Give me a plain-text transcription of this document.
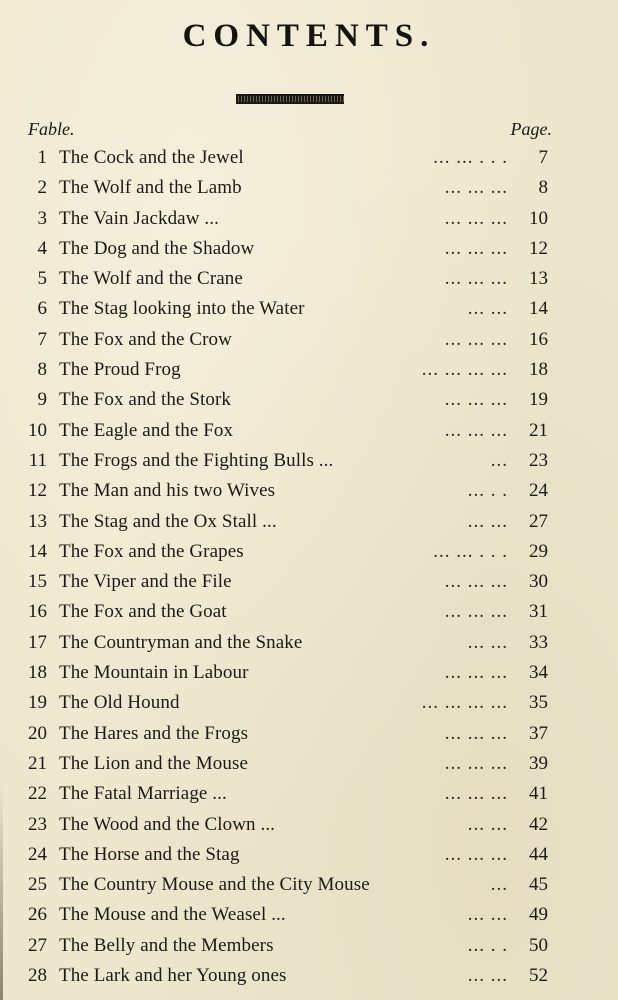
CONTENTS.
Fable.	Page.
1 The Cock and the Jewel	... ... . . . 7
2 The Wolf and the Lamb	... ... ... 8
3 The Vain Jackdaw ...	... ... ... 10
4 The Dog and the Shadow	... ... ... 12
5 The Wolf and the Crane	... ... ... 13
6 The Stag looking into the Water	... ... 14
7 The Fox and the Crow	... ... ... 16
8 The Proud Frog	... ... ... ... 18
9 The Fox and the Stork	... ... ... 19
10 The Eagle and the Fox	... ... ... 21
11 The Frogs and the Fighting Bulls ...	... 23
12 The Man and his two Wives	... . . 24
13 The Stag and the Ox Stall ...	... ... 27
14 The Fox and the Grapes	... ... . . . 29
15 The Viper and the File	... ... ... 30
16 The Fox and the Goat	... ... ... 31
17 The Countryman and the Snake	... ... 33
18 The Mountain in Labour	... ... ... 34
19 The Old Hound	... ... ... ... 35
20 The Hares and the Frogs	... ... ... 37
21 The Lion and the Mouse	... ... ... 39
22 The Fatal Marriage ...	... ... ... 41
23 The Wood and the Clown ...	... ... 42
24 The Horse and the Stag	... ... ... 44
25 The Country Mouse and the City Mouse	... 45
26 The Mouse and the Weasel ...	... ... 49
27 The Belly and the Members	... . . 50
28 The Lark and her Young ones	... ... 52
